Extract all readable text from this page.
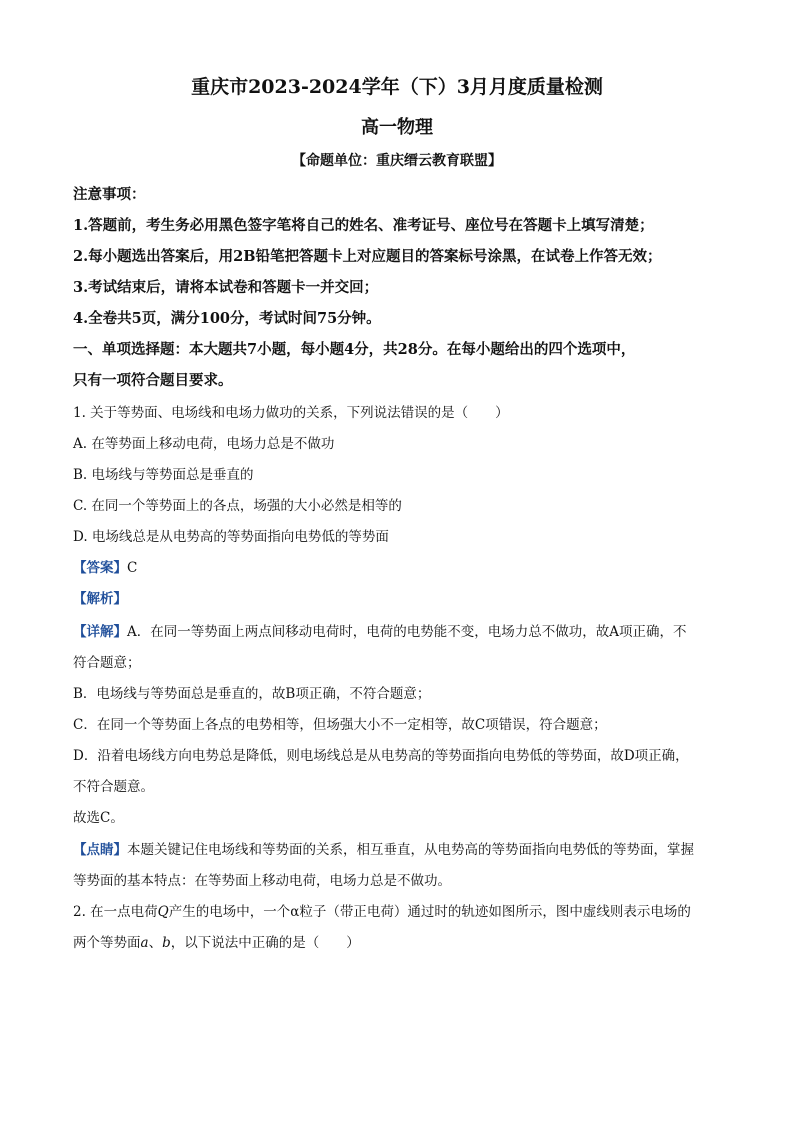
重庆市2023-2024学年（下）3月月度质量检测
高一物理
【命题单位：重庆缙云教育联盟】
注意事项：
1.答题前，考生务必用黑色签字笔将自己的姓名、准考证号、座位号在答题卡上填写清楚；
2.每小题选出答案后，用2B铅笔把答题卡上对应题目的答案标号涂黑，在试卷上作答无效；
3.考试结束后，请将本试卷和答题卡一并交回；
4.全卷共5页，满分100分，考试时间75分钟。
一、单项选择题：本大题共7小题，每小题4分，共28分。在每小题给出的四个选项中，
只有一项符合题目要求。
1. 关于等势面、电场线和电场力做功的关系，下列说法错误的是（　　）
A. 在等势面上移动电荷，电场力总是不做功
B. 电场线与等势面总是垂直的
C. 在同一个等势面上的各点，场强的大小必然是相等的
D. 电场线总是从电势高的等势面指向电势低的等势面
【答案】C
【解析】
【详解】A．在同一等势面上两点间移动电荷时，电荷的电势能不变，电场力总不做功，故A项正确，不
符合题意；
B．电场线与等势面总是垂直的，故B项正确，不符合题意；
C．在同一个等势面上各点的电势相等，但场强大小不一定相等，故C项错误，符合题意；
D．沿着电场线方向电势总是降低，则电场线总是从电势高的等势面指向电势低的等势面，故D项正确，
不符合题意。
故选C。
【点睛】本题关键记住电场线和等势面的关系，相互垂直，从电势高的等势面指向电势低的等势面，掌握
等势面的基本特点：在等势面上移动电荷，电场力总是不做功。
2. 在一点电荷Q产生的电场中，一个α粒子（带正电荷）通过时的轨迹如图所示，图中虚线则表示电场的
两个等势面a、b，以下说法中正确的是（　　）
